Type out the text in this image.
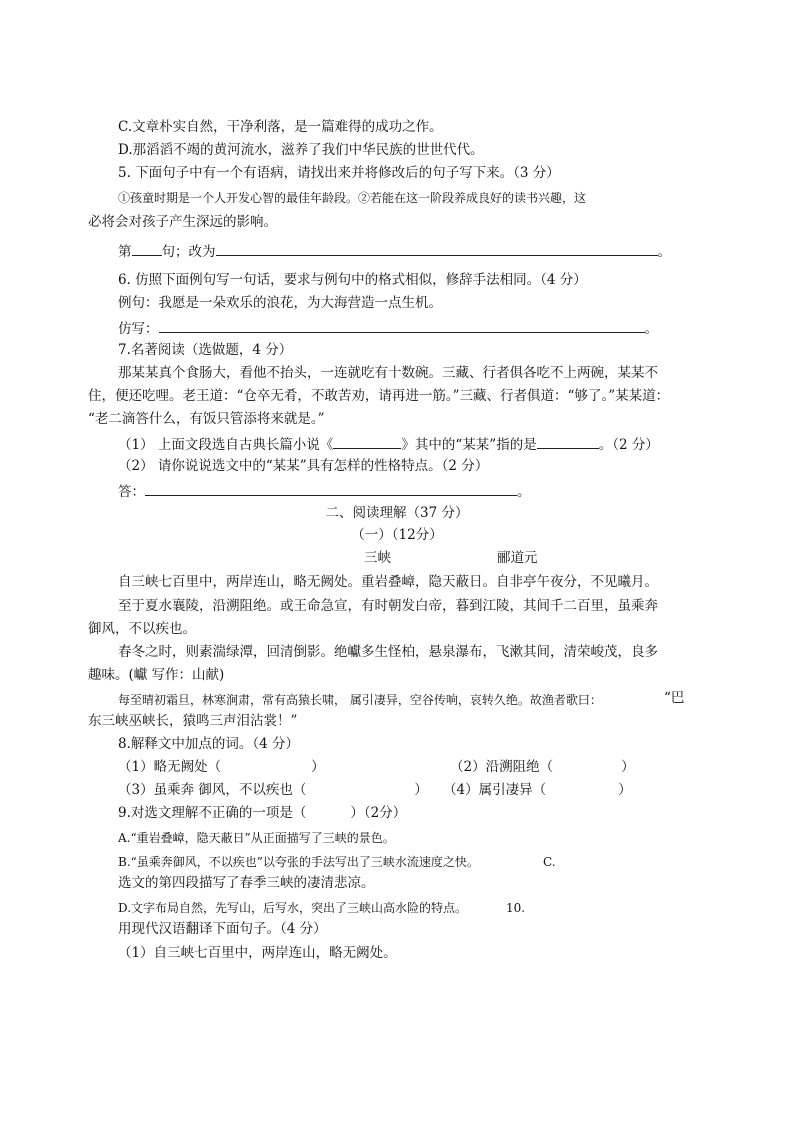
C.文章朴实自然，干净利落，是一篇难得的成功之作。
D.那滔滔不竭的黄河流水，滋养了我们中华民族的世世代代。
5. 下面句子中有一个有语病，请找出来并将修改后的句子写下来。（3 分）
①孩童时期是一个人开发心智的最佳年龄段。②若能在这一阶段养成良好的读书兴趣，这
必将会对孩子产生深远的影响。
第 句；改为	。
6. 仿照下面例句写一句话，要求与例句中的格式相似，修辞手法相同。（4 分）
例句：我愿是一朵欢乐的浪花，为大海营造一点生机。
仿写：	。
7.名著阅读（选做题，4 分）
那某某真个食肠大，看他不抬头，一连就吃有十数碗。三藏、行者俱各吃不上两碗，某某不
住，便还吃哩。老王道：“仓卒无肴，不敢苦劝，请再进一筋。”三藏、行者俱道：“够了。”某某道：
“老二滴答什么，有饭只管添将来就是。”
（1） 上面文段选自古典长篇小说《	》其中的“某某”指的是	。（2 分）
（2） 请你说说选文中的“某某”具有怎样的性格特点。（2 分）
答：	。
二、阅读理解（37 分）
（一）（12分）
三峡	郦道元
自三峡七百里中，两岸连山，略无阙处。重岩叠嶂，隐天蔽日。自非亭午夜分，不见曦月。
至于夏水襄陵，沿溯阻绝。或王命急宣，有时朝发白帝，暮到江陵，其间千二百里，虽乘奔
御风，不以疾也。
春冬之时，则素湍绿潭，回清倒影。绝巘多生怪柏，悬泉瀑布，飞漱其间，清荣峻茂，良多
趣味。(巘 写作：山献)
每至晴初霜旦，林寒涧肃，常有高猿长啸， 属引凄异，空谷传响，哀转久绝。故渔者歌曰：	“巴
东三峡巫峡长，猿鸣三声泪沾裳！”
8.解释文中加点的词。（4 分）
（1）略无阙处（	）	（2）沿溯阻绝（	）
（3）虽乘奔 御风，不以疾也（	） （4）属引凄异（	）
9.对选文理解不正确的一项是（	）（2分）
A.“重岩叠嶂，隐天蔽日”从正面描写了三峡的景色。
B.“虽乘奔御风，不以疾也”以夸张的手法写出了三峡水流速度之快。	C.
选文的第四段描写了春季三峡的凄清悲凉。
D.文字布局自然，先写山，后写水，突出了三峡山高水险的特点。	10.
用现代汉语翻译下面句子。（4 分）
（1）自三峡七百里中，两岸连山，略无阙处。
